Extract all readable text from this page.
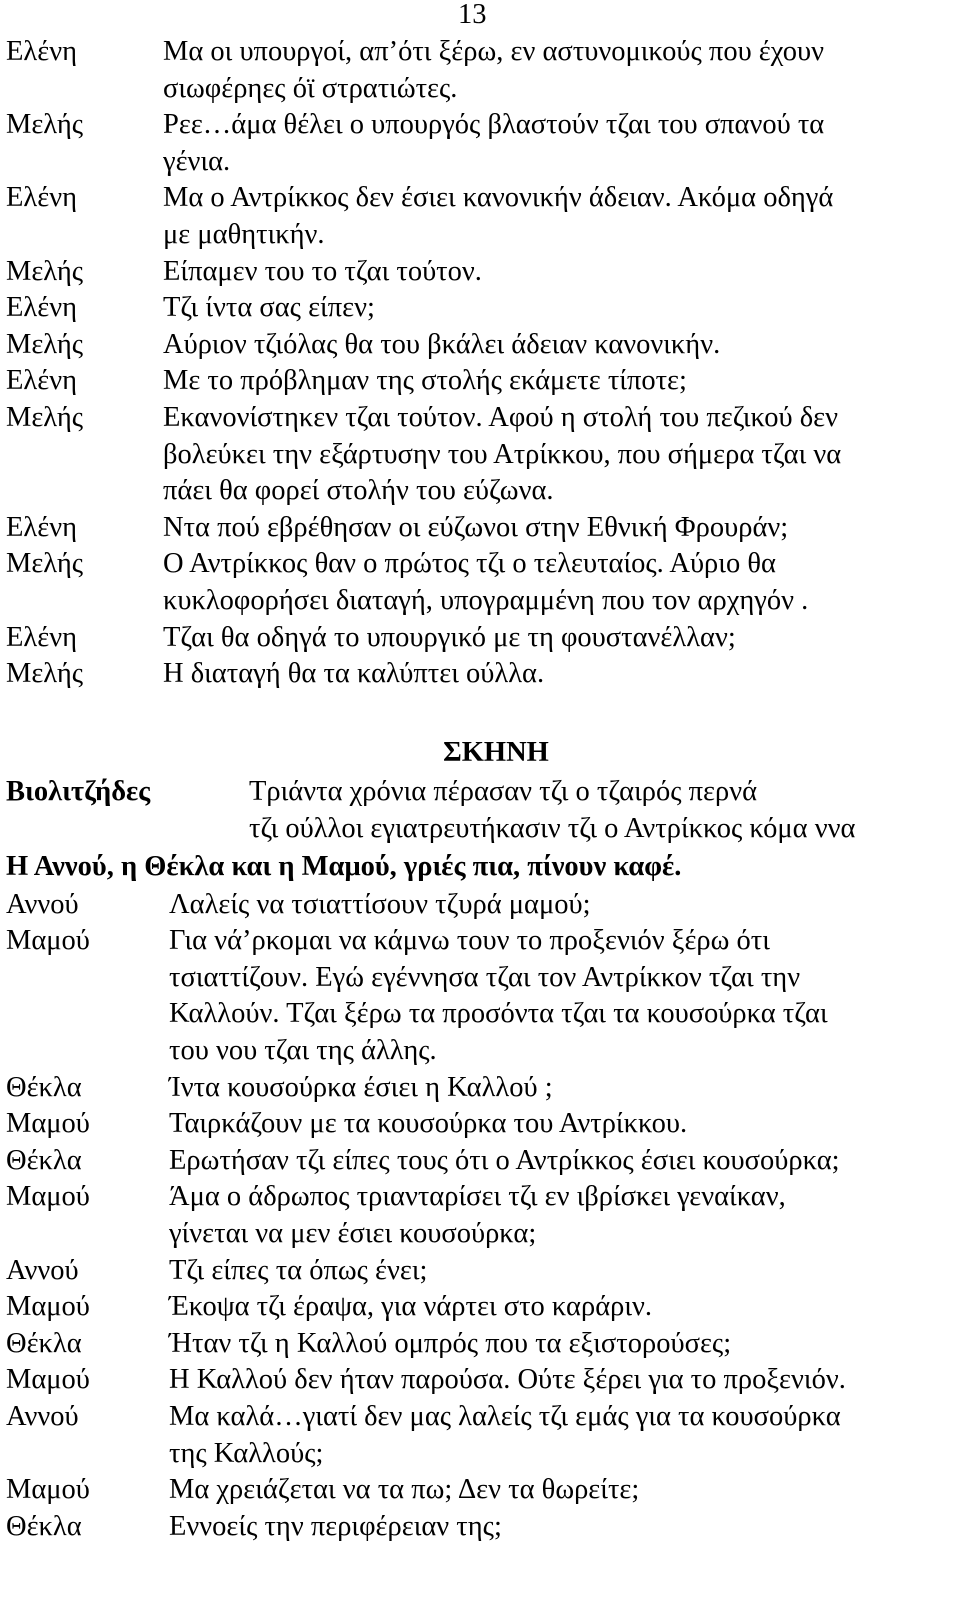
13
Ελένη	Μα οι υπουργοί, απ’ότι ξέρω, εν αστυνομικούς που έχουν
σιωφέρηες όϊ στρατιώτες.
Μελής	Ρεε…άμα θέλει ο υπουργός βλαστούν τζαι του σπανού τα
γένια.
Ελένη	Μα ο Αντρίκκος δεν έσιει κανονικήν άδειαν. Ακόμα οδηγά
με μαθητικήν.
Μελής	Είπαμεν του το τζαι τούτον.
Ελένη	Τζι ίντα σας είπεν;
Μελής	Αύριον τζιόλας θα του βκάλει άδειαν κανονικήν.
Ελένη	Με το πρόβλημαν της στολής εκάμετε τίποτε;
Μελής	Εκανονίστηκεν τζαι τούτον. Αφού η στολή του πεζικού δεν
βολεύκει την εξάρτυσην του Ατρίκκου, που σήμερα τζαι να
πάει θα φορεί στολήν του εύζωνα.
Ελένη	Ντα πού εβρέθησαν οι εύζωνοι στην Εθνική Φρουράν;
Μελής	Ο Αντρίκκος θαν ο πρώτος τζι ο τελευταίος. Αύριο θα
κυκλοφορήσει διαταγή, υπογραμμένη που τον αρχηγόν .
Ελένη	Τζαι θα οδηγά το υπουργικό με τη φουστανέλλαν;
Μελής	Η διαταγή θα τα καλύπτει ούλλα.
ΣΚΗΝΗ
Βιολιτζήδες	Τριάντα χρόνια πέρασαν τζι ο τζαιρός περνά
τζι ούλλοι εγιατρευτήκασιν τζι ο Αντρίκκος κόμα ννα
Η Αννού, η Θέκλα και η Μαμού, γριές πια, πίνουν καφέ.
Αννού	Λαλείς να τσιαττίσουν τζυρά μαμού;
Μαμού	Για νά’ρκομαι να κάμνω τουν το προξενιόν ξέρω ότι
τσιαττίζουν. Εγώ εγέννησα τζαι τον Αντρίκκον τζαι την
Καλλούν. Τζαι ξέρω τα προσόντα τζαι τα κουσούρκα τζαι
του νου τζαι της άλλης.
Θέκλα	Ίντα κουσούρκα έσιει η Καλλού ;
Μαμού	Ταιρκάζουν με τα κουσούρκα του Αντρίκκου.
Θέκλα	Ερωτήσαν τζι είπες τους ότι ο Αντρίκκος έσιει κουσούρκα;
Μαμού	Άμα ο άδρωπος τριανταρίσει τζι εν ιβρίσκει γεναίκαν,
γίνεται να μεν έσιει κουσούρκα;
Αννού	Τζι είπες τα όπως ένει;
Μαμού	Έκοψα τζι έραψα, για νάρτει στο καράριν.
Θέκλα	Ήταν τζι η Καλλού ομπρός που τα εξιστορούσες;
Μαμού	Η Καλλού δεν ήταν παρούσα. Ούτε ξέρει για το προξενιόν.
Αννού	Μα καλά…γιατί δεν μας λαλείς τζι εμάς για τα κουσούρκα
της Καλλούς;
Μαμού	Μα χρειάζεται να τα πω; Δεν τα θωρείτε;
Θέκλα	Εννοείς την περιφέρειαν της;
